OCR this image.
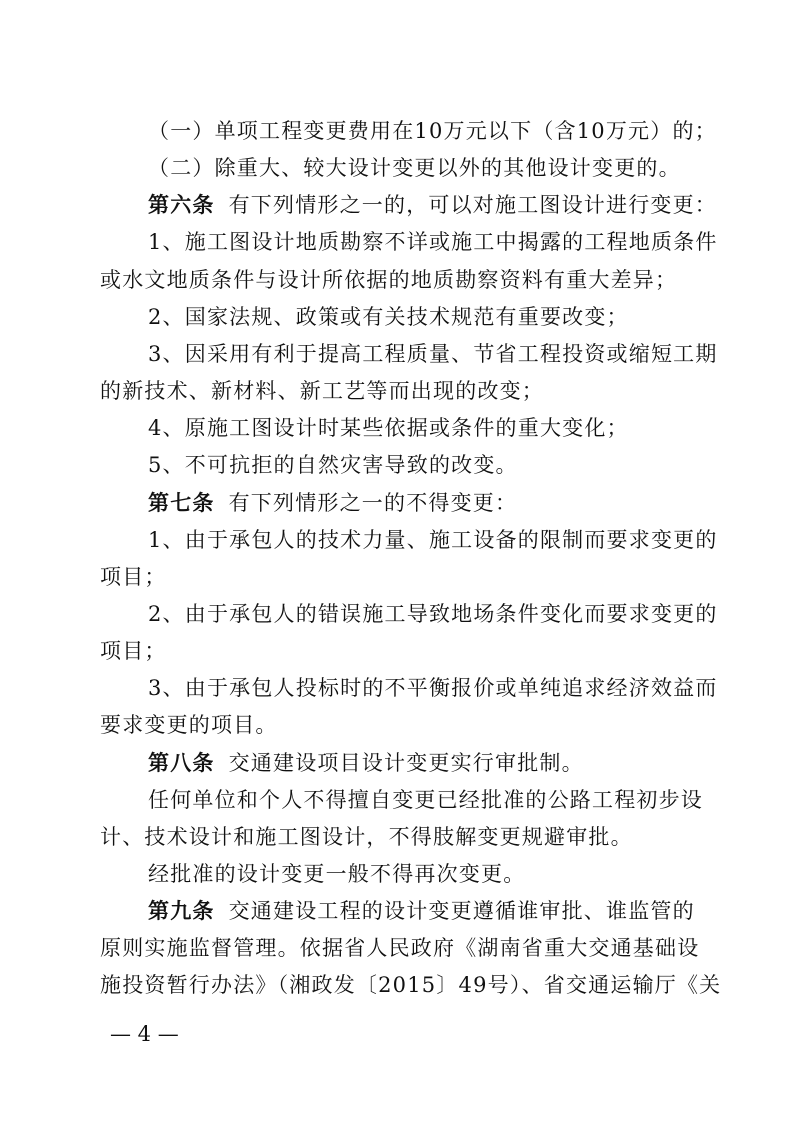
（一）单项工程变更费用在10万元以下（含10万元）的；
（二）除重大、较大设计变更以外的其他设计变更的。
第六条 有下列情形之一的，可以对施工图设计进行变更：
1、施工图设计地质勘察不详或施工中揭露的工程地质条件
或水文地质条件与设计所依据的地质勘察资料有重大差异；
2、国家法规、政策或有关技术规范有重要改变；
3、因采用有利于提高工程质量、节省工程投资或缩短工期
的新技术、新材料、新工艺等而出现的改变；
4、原施工图设计时某些依据或条件的重大变化；
5、不可抗拒的自然灾害导致的改变。
第七条 有下列情形之一的不得变更：
1、由于承包人的技术力量、施工设备的限制而要求变更的
项目；
2、由于承包人的错误施工导致地场条件变化而要求变更的
项目；
3、由于承包人投标时的不平衡报价或单纯追求经济效益而
要求变更的项目。
第八条 交通建设项目设计变更实行审批制。
任何单位和个人不得擅自变更已经批准的公路工程初步设
计、技术设计和施工图设计，不得肢解变更规避审批。
经批准的设计变更一般不得再次变更。
第九条 交通建设工程的设计变更遵循谁审批、谁监管的
原则实施监督管理。依据省人民政府《湖南省重大交通基础设
施投资暂行办法》（湘政发〔2015〕49号）、省交通运输厅《关
— 4 —
